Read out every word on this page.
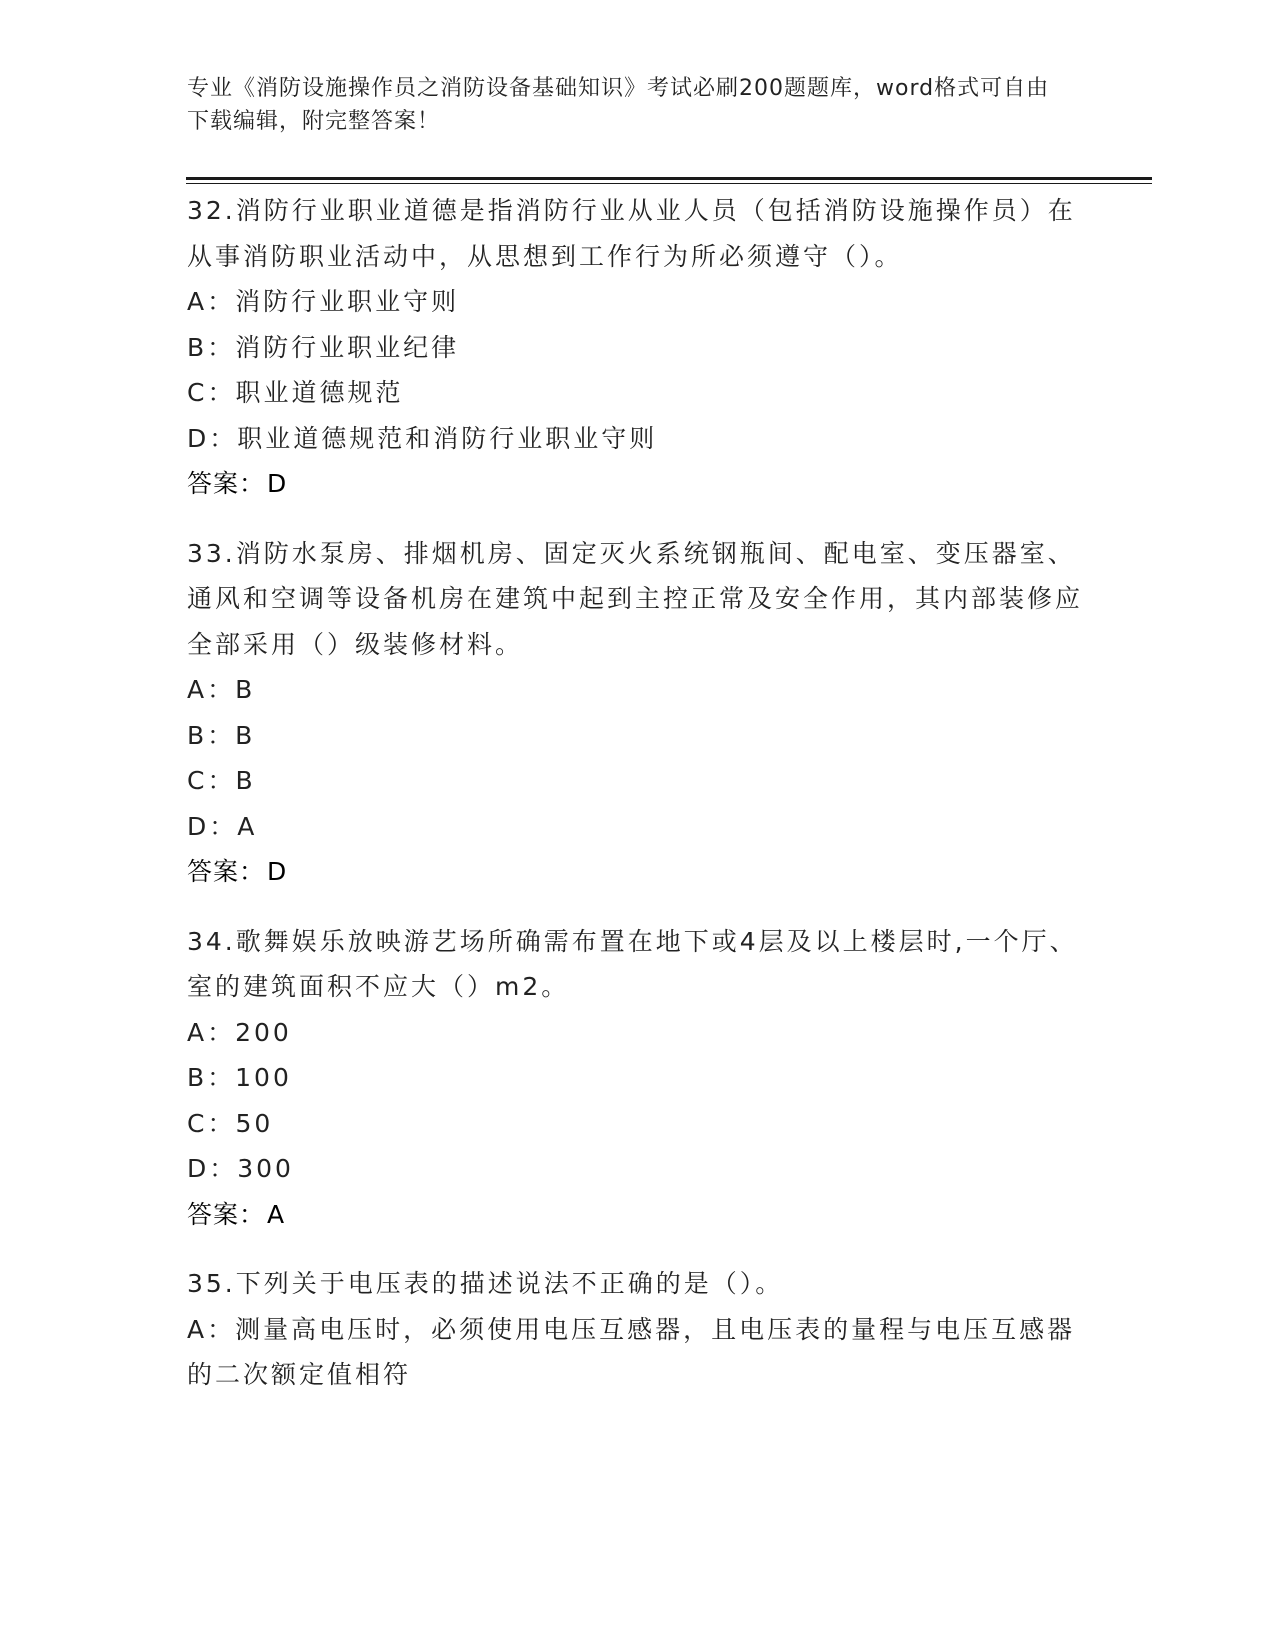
专业《消防设施操作员之消防设备基础知识》考试必刷200题题库，word格式可自由下载编辑，附完整答案！

32.消防行业职业道德是指消防行业从业人员（包括消防设施操作员）在从事消防职业活动中，从思想到工作行为所必须遵守（）。

A：消防行业职业守则

B：消防行业职业纪律

C：职业道德规范

D：职业道德规范和消防行业职业守则

答案：D

33.消防水泵房、排烟机房、固定灭火系统钢瓶间、配电室、变压器室、通风和空调等设备机房在建筑中起到主控正常及安全作用，其内部装修应全部采用（）级装修材料。

A：B

B：B

C：B

D：A

答案：D

34.歌舞娱乐放映游艺场所确需布置在地下或4层及以上楼层时,一个厅、室的建筑面积不应大（）m2。

A：200

B：100

C：50

D：300

答案：A

35.下列关于电压表的描述说法不正确的是（）。

A：测量高电压时，必须使用电压互感器，且电压表的量程与电压互感器的二次额定值相符
